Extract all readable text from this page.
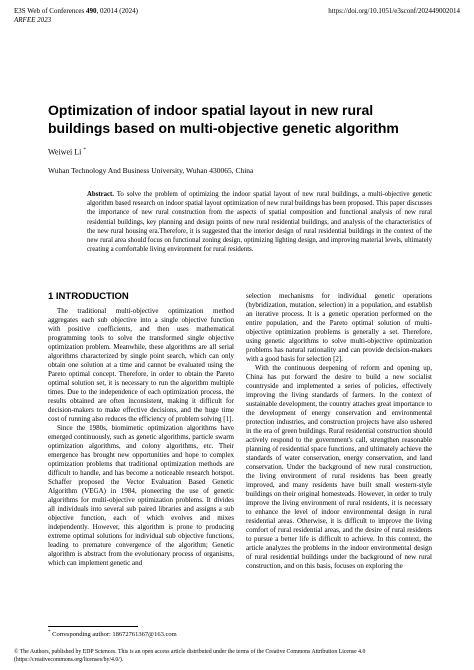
E3S Web of Conferences 490, 02014 (2024)
ARFEE 2023
https://doi.org/10.1051/e3sconf/202449002014
Optimization of indoor spatial layout in new rural buildings based on multi-objective genetic algorithm
Weiwei Li *
Wuhan Technology And Business University, Wuhan 430065, China
Abstract. To solve the problem of optimizing the indoor spatial layout of new rural buildings, a multi-objective genetic algorithm based research on indoor spatial layout optimization of new rural buildings has been proposed. This paper discusses the importance of new rural construction from the aspects of spatial composition and functional analysis of new rural residential buildings, key planning and design points of new rural residential buildings, and analysis of the characteristics of the new rural housing era.Therefore, it is suggested that the interior design of rural residential buildings in the context of the new rural area should focus on functional zoning design, optimizing lighting design, and improving material levels, ultimately creating a comfortable living environment for rural residents.
1 INTRODUCTION

The traditional multi-objective optimization method aggregates each sub objective into a single objective function with positive coefficients, and then uses mathematical programming tools to solve the transformed single objective optimization problem. Meanwhile, these algorithms are all serial algorithms characterized by single point search, which can only obtain one solution at a time and cannot be evaluated using the Pareto optimal concept. Therefore, in order to obtain the Pareto optimal solution set, it is necessary to run the algorithm multiple times. Due to the independence of each optimization process, the results obtained are often inconsistent, making it difficult for decision-makers to make effective decisions, and the huge time cost of running also reduces the efficiency of problem solving [1].

Since the 1980s, biomimetic optimization algorithms have emerged continuously, such as genetic algorithms, particle swarm optimization algorithms, and colony algorithms, etc. Their emergence has brought new opportunities and hope to complex optimization problems that traditional optimization methods are difficult to handle, and has become a noticeable research hotspot. Schaffer proposed the Vector Evaluation Based Genetic Algorithm (VEGA) in 1984, pioneering the use of genetic algorithms for multi-objective optimization problems. It divides all individuals into several sub paired libraries and assigns a sub objective function, each of which evolves and mixes independently. However, this algorithm is prone to producing extreme optimal solutions for individual sub objective functions, leading to premature convergence of the algorithm; Genetic algorithm is abstract from the evolutionary process of organisms, which can implement genetic and

selection mechanisms for individual genetic operations (hybridization, mutation, selection) in a population, and establish an iterative process. It is a genetic operation performed on the entire population, and the Pareto optimal solution of multi-objective optimization problems is generally a set. Therefore, using genetic algorithms to solve multi-objective optimization problems has natural rationality and can provide decision-makers with a good basis for selection [2].

With the continuous deepening of reform and opening up, China has put forward the desire to build a new socialist countryside and implemented a series of policies, effectively improving the living standards of farmers. In the context of sustainable development, the country attaches great importance to the development of energy conservation and environmental protection industries, and construction projects have also ushered in the era of green buildings. Rural residential construction should actively respond to the government's call, strengthen reasonable planning of residential space functions, and ultimately achieve the standards of water conservation, energy conservation, and land conservation. Under the background of new rural construction, the living environment of rural residents has been greatly improved, and many residents have built small western-style buildings on their original homesteads. However, in order to truly improve the living environment of rural residents, it is necessary to enhance the level of indoor environmental design in rural residential areas. Otherwise, it is difficult to improve the living comfort of rural residential areas, and the desire of rural residents to pursue a better life is difficult to achieve. In this context, the article analyzes the problems in the indoor environmental design of rural residential buildings under the background of new rural construction, and on this basis, focuses on exploring the

* Corresponding author: 18672761367@163.com
© The Authors, published by EDP Sciences. This is an open access article distributed under the terms of the Creative Commons Attribution License 4.0
(https://creativecommons.org/licenses/by/4.0/).
